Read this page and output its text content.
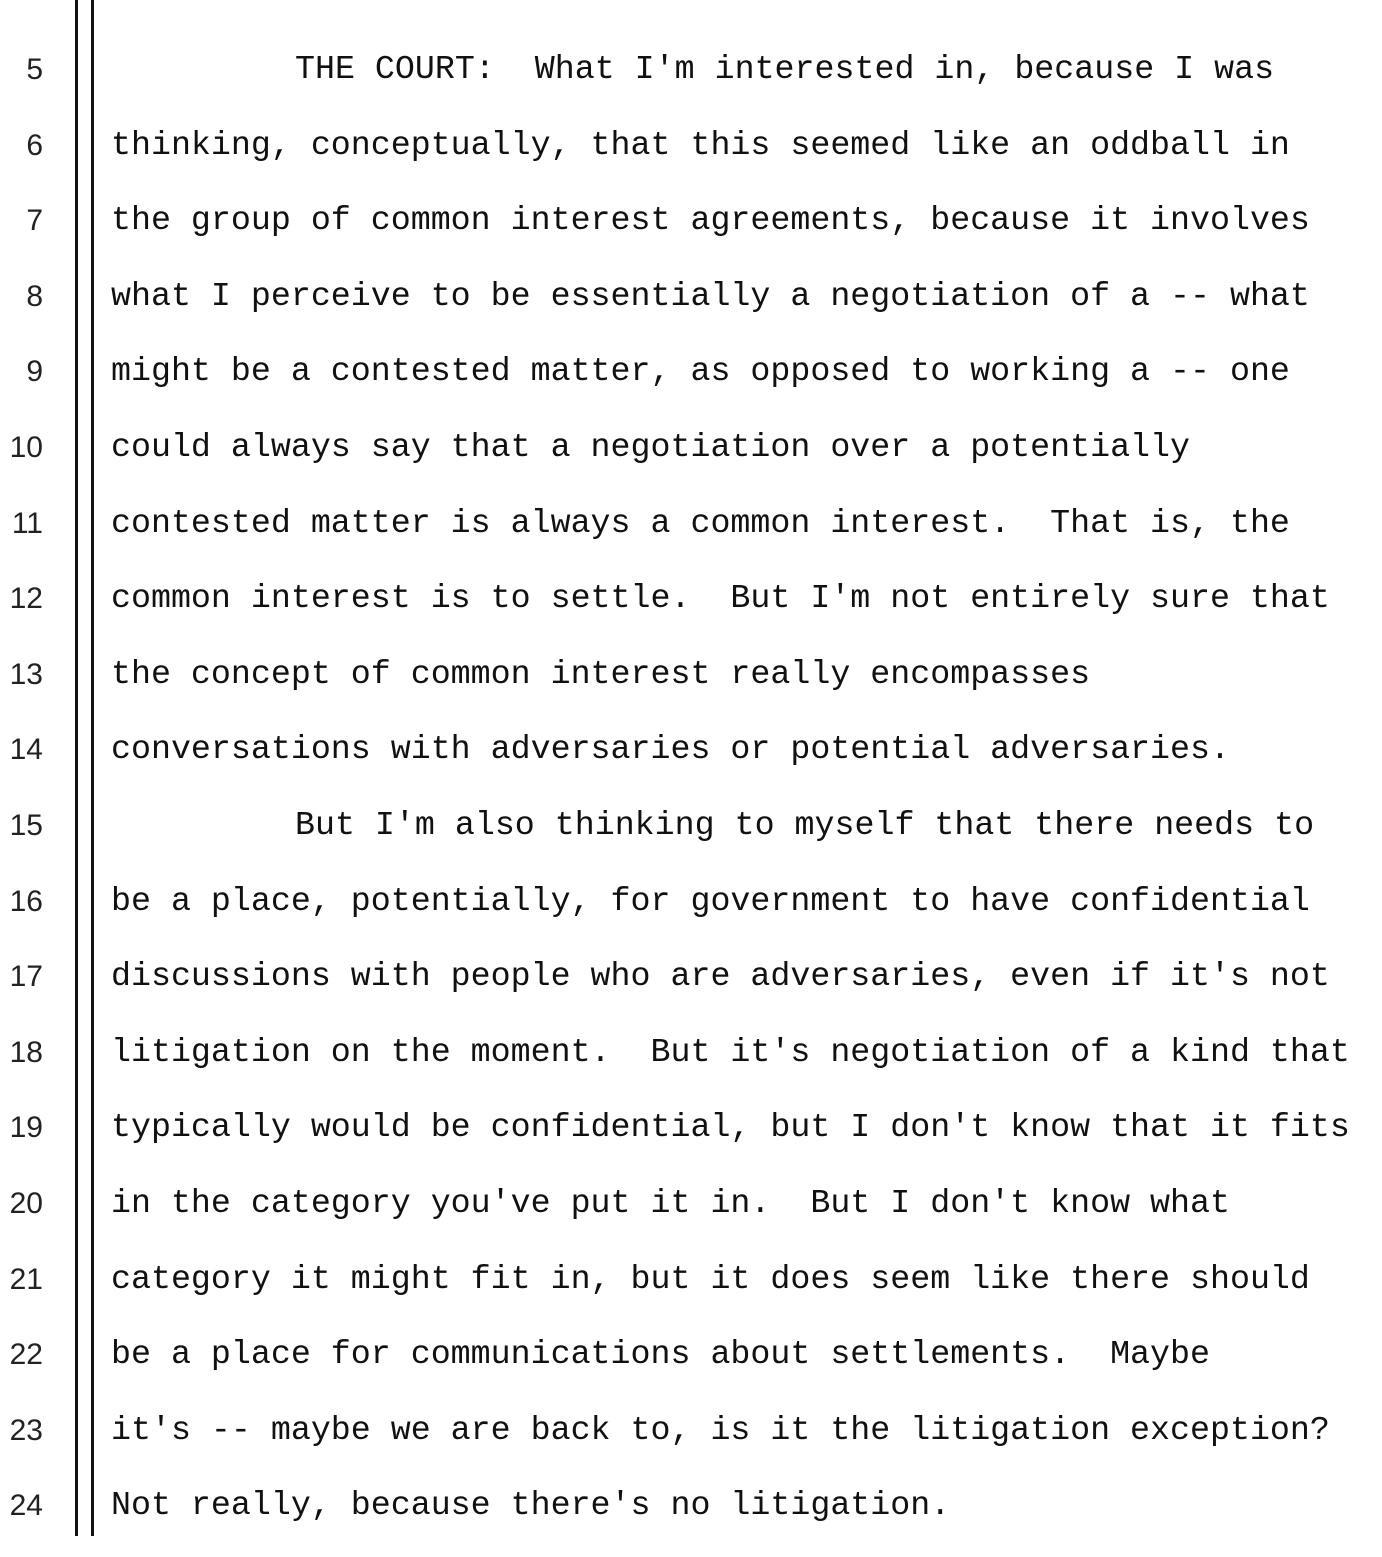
5	THE COURT:  What I'm interested in, because I was
6 thinking, conceptually, that this seemed like an oddball in
7 the group of common interest agreements, because it involves
8 what I perceive to be essentially a negotiation of a -- what
9 might be a contested matter, as opposed to working a -- one
10 could always say that a negotiation over a potentially
11 contested matter is always a common interest.  That is, the
12 common interest is to settle.  But I'm not entirely sure that
13 the concept of common interest really encompasses
14 conversations with adversaries or potential adversaries.
15	But I'm also thinking to myself that there needs to
16 be a place, potentially, for government to have confidential
17 discussions with people who are adversaries, even if it's not
18 litigation on the moment.  But it's negotiation of a kind that
19 typically would be confidential, but I don't know that it fits
20 in the category you've put it in.  But I don't know what
21 category it might fit in, but it does seem like there should
22 be a place for communications about settlements.  Maybe
23 it's -- maybe we are back to, is it the litigation exception?
24 Not really, because there's no litigation.
